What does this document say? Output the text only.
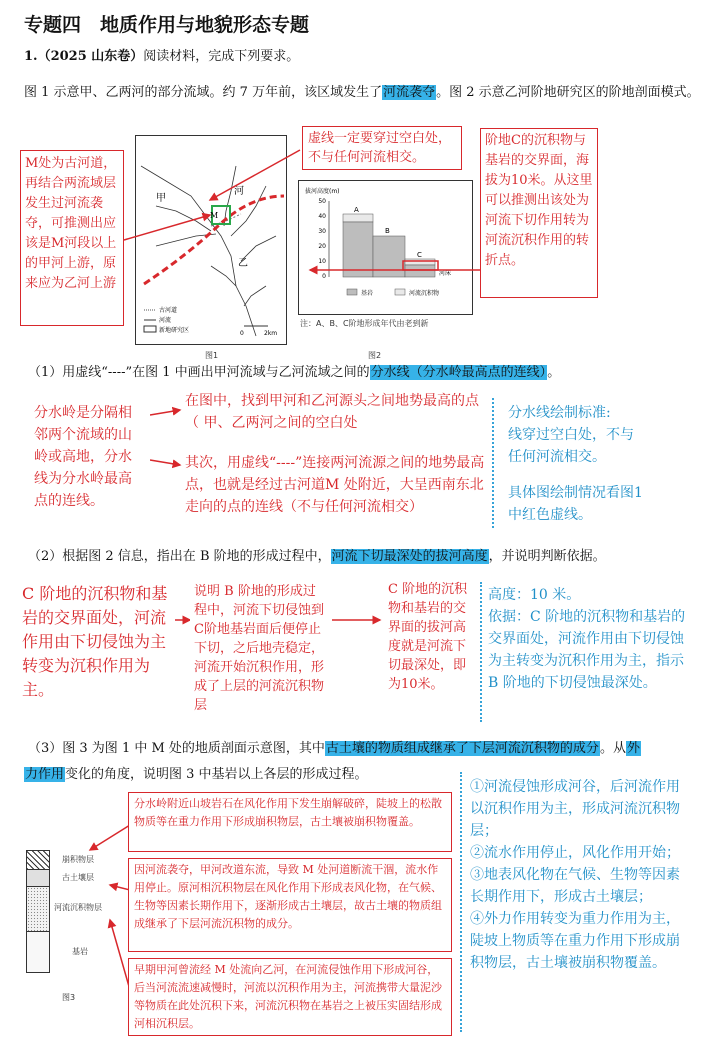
专题四　地质作用与地貌形态专题
1.（2025 山东卷）阅读材料，完成下列要求。
图 1 示意甲、乙两河的部分流域。约 7 万年前，该区域发生了河流袭夺。图 2 示意乙河阶地研究区的阶地剖面模式。
甲
河
乙
M
古河道
河流
新地研究区	0	2km
图1
拔河高度(m)
50
40
30
20
10
0
A
B
C
河床
基岩	河流沉积物
注：A、B、C阶地形成年代由老到新
图2
M处为古河道，再结合两流域层发生过河流袭夺，可推测出应该是M河段以上的甲河上游，原来应为乙河上游
虚线一定要穿过空白处，不与任何河流相交。
阶地C的沉积物与基岩的交界面，海拔为10米。从这里可以推测出该处为河流下切作用转为河流沉积作用的转折点。
（1）用虚线“----”在图 1 中画出甲河流域与乙河流域之间的分水线（分水岭最高点的连线）。
分水岭是分隔相邻两个流域的山岭或高地，分水线为分水岭最高点的连线。
在图中，找到甲河和乙河源头之间地势最高的点（ 甲、乙两河之间的空白处
其次，用虚线“----”连接两河流源之间的地势最高点，也就是经过古河道M 处附近，大呈西南东北走向的点的连线（不与任何河流相交）
分水线绘制标准:
线穿过空白处，不与 任何河流相交。
具体图绘制情况看图1中红色虚线。
（2）根据图 2 信息，指出在 B 阶地的形成过程中，河流下切最深处的拔河高度，并说明判断依据。
C 阶地的沉积物和基岩的交界面处，河流作用由下切侵蚀为主转变为沉积作用为主。
说明 B 阶地的形成过程中，河流下切侵蚀到C阶地基岩面后便停止下切，之后地壳稳定，河流开始沉积作用，形成了上层的河流沉积物层
C 阶地的沉积物和基岩的交界面的拔河高度就是河流下切最深处，即为10米。
高度：10 米。
依据：C 阶地的沉积物和基岩的交界面处，河流作用由下切侵蚀为主转变为沉积作用为主，指示 B 阶地的下切侵蚀最深处。
（3）图 3 为图 1 中 M 处的地质剖面示意图，其中古土壤的物质组成继承了下层河流沉积物的成分。从外
力作用变化的角度，说明图 3 中基岩以上各层的形成过程。
崩积物层
古土壤层
河流沉积物层
基岩
图3
分水岭附近山坡岩石在风化作用下发生崩解破碎，陡坡上的松散物质等在重力作用下形成崩积物层，古土壤被崩积物覆盖。
因河流袭夺，甲河改道东流，导致 M 处河道断流干涸，流水作用停止。原河相沉积物层在风化作用下形成表风化物，在气候、生物等因素长期作用下，逐渐形成古土壤层，故古土壤的物质组成继承了下层河流沉积物的成分。
早期甲河曾流经 M 处流向乙河，在河流侵蚀作用下形成河谷，后当河流流速减慢时，河流以沉积作用为主，河流携带大量泥沙等物质在此处沉积下来，河流沉积物在基岩之上被压实固结形成河相沉积层。
①河流侵蚀形成河谷，后河流作用以沉积作用为主，形成河流沉积物层；
②流水作用停止，风化作用开始；
③地表风化物在气候、生物等因素长期作用下，形成古土壤层；
④外力作用转变为重力作用为主，陡坡上物质等在重力作用下形成崩积物层，古土壤被崩积物覆盖。
